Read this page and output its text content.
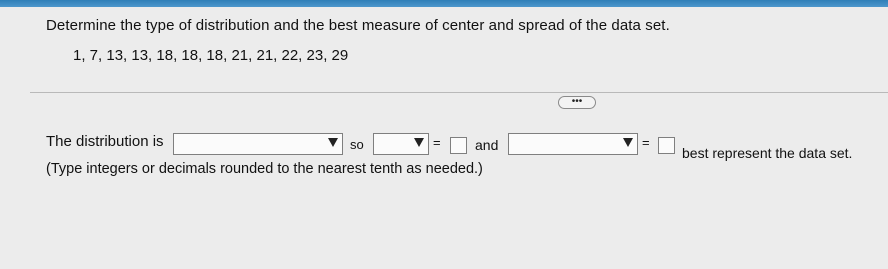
Determine the type of distribution and the best measure of center and spread of the data set.
1, 7, 13, 13, 18, 18, 18, 21, 21, 22, 23, 29
•••
The distribution is	so	= and	=
best represent the data set.
(Type integers or decimals rounded to the nearest tenth as needed.)
